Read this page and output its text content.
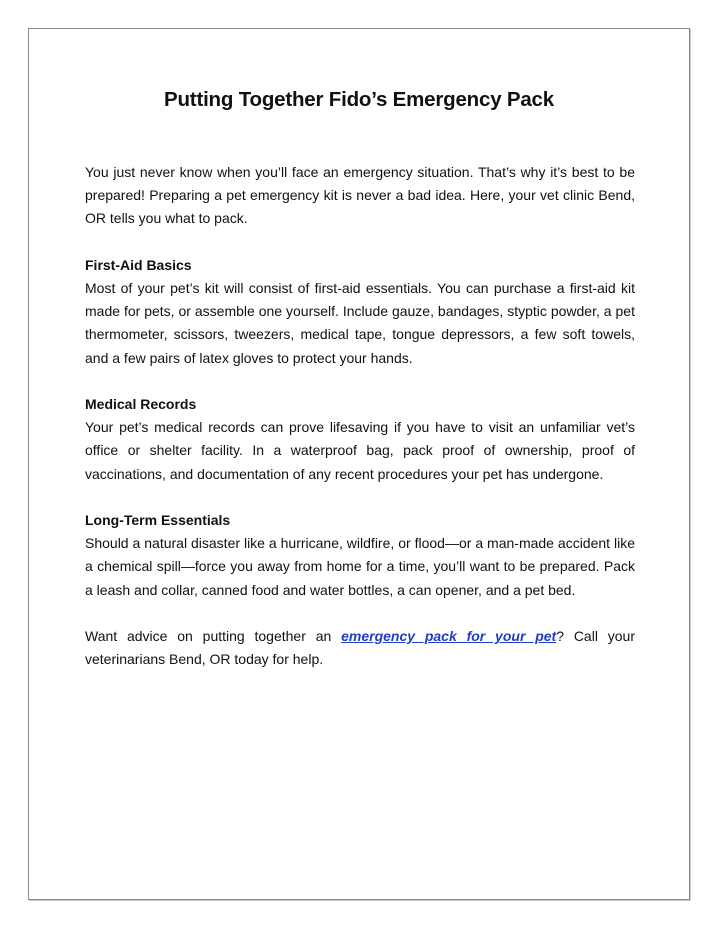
Putting Together Fido’s Emergency Pack

You just never know when you’ll face an emergency situation. That’s why it’s best to be prepared! Preparing a pet emergency kit is never a bad idea. Here, your vet clinic Bend, OR tells you what to pack.

First-Aid Basics

Most of your pet’s kit will consist of first-aid essentials. You can purchase a first-aid kit made for pets, or assemble one yourself. Include gauze, bandages, styptic powder, a pet thermometer, scissors, tweezers, medical tape, tongue depressors, a few soft towels, and a few pairs of latex gloves to protect your hands.

Medical Records

Your pet’s medical records can prove lifesaving if you have to visit an unfamiliar vet’s office or shelter facility. In a waterproof bag, pack proof of ownership, proof of vaccinations, and documentation of any recent procedures your pet has undergone.

Long-Term Essentials

Should a natural disaster like a hurricane, wildfire, or flood—or a man-made accident like a chemical spill—force you away from home for a time, you’ll want to be prepared. Pack a leash and collar, canned food and water bottles, a can opener, and a pet bed.

Want advice on putting together an emergency pack for your pet? Call your veterinarians Bend, OR today for help.
